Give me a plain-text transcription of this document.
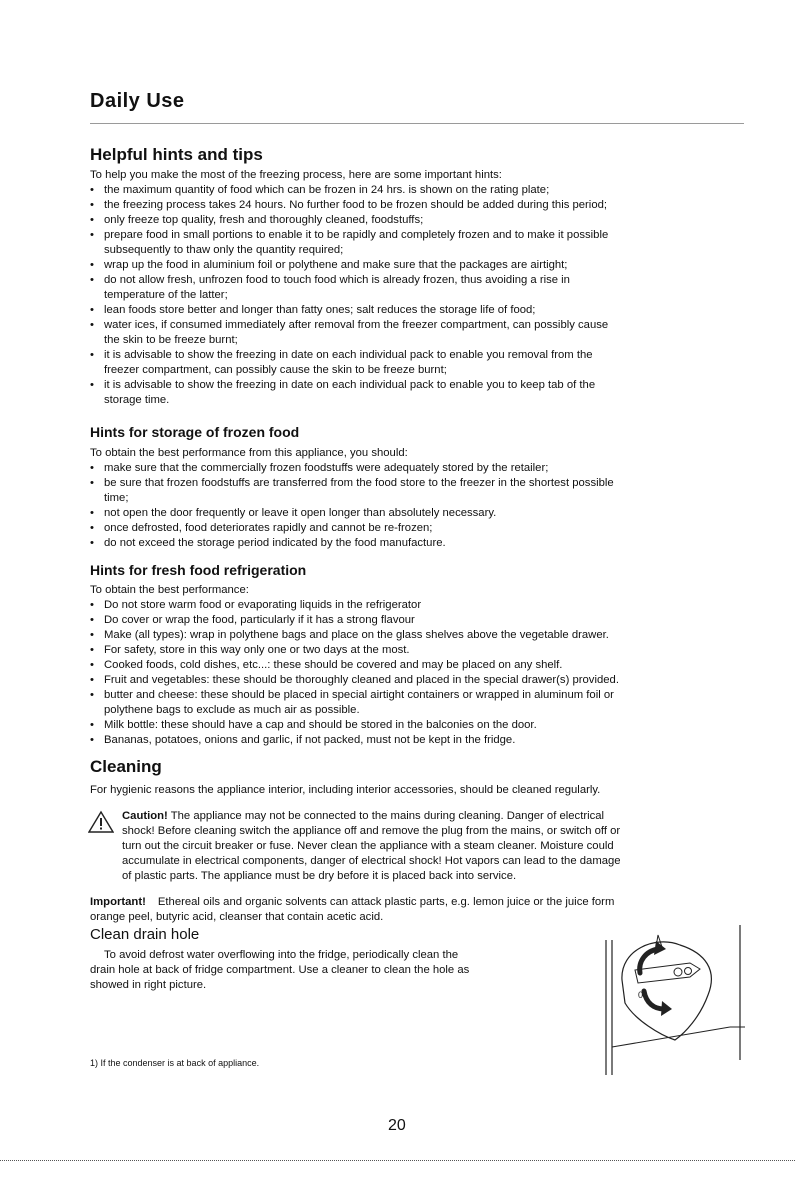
Daily Use
Helpful hints and tips
To help you make the most of the freezing process, here are some important hints:
• the maximum quantity of food which can be frozen in 24 hrs. is shown on the rating plate;
• the freezing process takes 24 hours. No further food to be frozen should be added during this period;
• only freeze top quality, fresh and thoroughly cleaned, foodstuffs;
• prepare food in small portions to enable it to be rapidly and completely frozen and to make it possible
subsequently to thaw only the quantity required;
• wrap up the food in aluminium foil or polythene and make sure that the packages are airtight;
• do not allow fresh, unfrozen food to touch food which is already frozen, thus avoiding a rise in
temperature of the latter;
• lean foods store better and longer than fatty ones; salt reduces the storage life of food;
• water ices, if consumed immediately after removal from the freezer compartment, can possibly cause
the skin to be freeze burnt;
• it is advisable to show the freezing in date on each individual pack to enable you removal from the
freezer compartment, can possibly cause the skin to be freeze burnt;
• it is advisable to show the freezing in date on each individual pack to enable you to keep tab of the
storage time.
Hints for storage of frozen food
To obtain the best performance from this appliance, you should:
• make sure that the commercially frozen foodstuffs were adequately stored by the retailer;
• be sure that frozen foodstuffs are transferred from the food store to the freezer in the shortest possible
time;
• not open the door frequently or leave it open longer than absolutely necessary.
• once defrosted, food deteriorates rapidly and cannot be re-frozen;
• do not exceed the storage period indicated by the food manufacture.
Hints for fresh food refrigeration
To obtain the best performance:
• Do not store warm food or evaporating liquids in the refrigerator
• Do cover or wrap the food, particularly if it has a strong flavour
• Make (all types): wrap in polythene bags and place on the glass shelves above the vegetable drawer.
• For safety, store in this way only one or two days at the most.
• Cooked foods, cold dishes, etc...: these should be covered and may be placed on any shelf.
• Fruit and vegetables: these should be thoroughly cleaned and placed in the special drawer(s) provided.
• butter and cheese: these should be placed in special airtight containers or wrapped in aluminum foil or
polythene bags to exclude as much air as possible.
• Milk bottle: these should have a cap and should be stored in the balconies on the door.
• Bananas, potatoes, onions and garlic, if not packed, must not be kept in the fridge.
Cleaning
For hygienic reasons the appliance interior, including interior accessories, should be cleaned regularly.
Caution! The appliance may not be connected to the mains during cleaning. Danger of electrical
shock! Before cleaning switch the appliance off and remove the plug from the mains, or switch off or
turn out the circuit breaker or fuse. Never clean the appliance with a steam cleaner. Moisture could
accumulate in electrical components, danger of electrical shock! Hot vapors can lead to the damage
of plastic parts. The appliance must be dry before it is placed back into service.
Important! Ethereal oils and organic solvents can attack plastic parts, e.g. lemon juice or the juice form
orange peel, butyric acid, cleanser that contain acetic acid.
Clean drain hole
To avoid defrost water overflowing into the fridge, periodically clean the
drain hole at back of fridge compartment. Use a cleaner to clean the hole as
showed in right picture.
0
1) If the condenser is at back of appliance.
20
